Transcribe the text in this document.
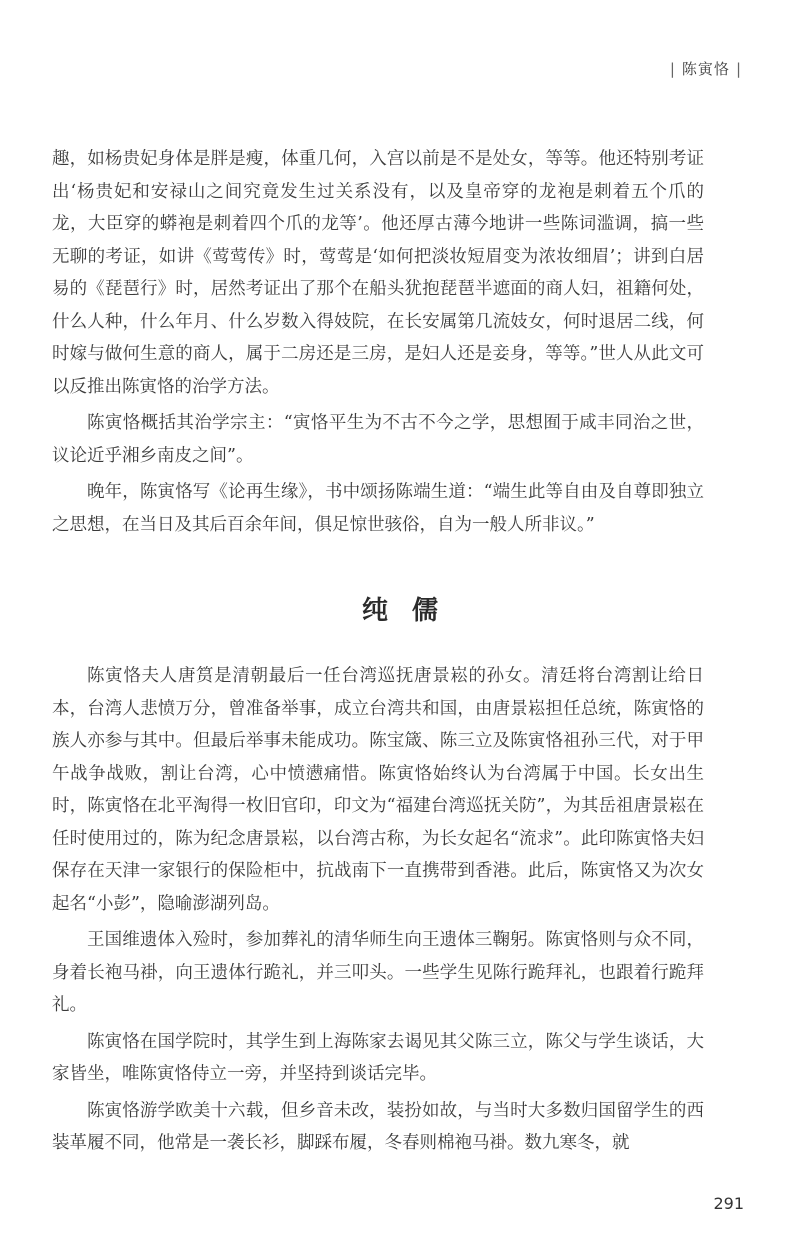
| 陈寅恪 |

趣，如杨贵妃身体是胖是瘦，体重几何，入宫以前是不是处女，等等。他还特别考证出‘杨贵妃和安禄山之间究竟发生过关系没有，以及皇帝穿的龙袍是刺着五个爪的龙，大臣穿的蟒袍是刺着四个爪的龙等’。他还厚古薄今地讲一些陈词滥调，搞一些无聊的考证，如讲《莺莺传》时，莺莺是‘如何把淡妆短眉变为浓妆细眉’；讲到白居易的《琵琶行》时，居然考证出了那个在船头犹抱琵琶半遮面的商人妇，祖籍何处，什么人种，什么年月、什么岁数入得妓院，在长安属第几流妓女，何时退居二线，何时嫁与做何生意的商人，属于二房还是三房，是妇人还是妾身，等等。”世人从此文可以反推出陈寅恪的治学方法。

陈寅恪概括其治学宗主：“寅恪平生为不古不今之学，思想囿于咸丰同治之世，议论近乎湘乡南皮之间”。

晚年，陈寅恪写《论再生缘》，书中颂扬陈端生道：“端生此等自由及自尊即独立之思想，在当日及其后百余年间，俱足惊世骇俗，自为一般人所非议。”

纯儒

陈寅恪夫人唐筼是清朝最后一任台湾巡抚唐景崧的孙女。清廷将台湾割让给日本，台湾人悲愤万分，曾准备举事，成立台湾共和国，由唐景崧担任总统，陈寅恪的族人亦参与其中。但最后举事未能成功。陈宝箴、陈三立及陈寅恪祖孙三代，对于甲午战争战败，割让台湾，心中愤懑痛惜。陈寅恪始终认为台湾属于中国。长女出生时，陈寅恪在北平淘得一枚旧官印，印文为“福建台湾巡抚关防”，为其岳祖唐景崧在任时使用过的，陈为纪念唐景崧，以台湾古称，为长女起名“流求”。此印陈寅恪夫妇保存在天津一家银行的保险柜中，抗战南下一直携带到香港。此后，陈寅恪又为次女起名“小彭”，隐喻澎湖列岛。

王国维遗体入殓时，参加葬礼的清华师生向王遗体三鞠躬。陈寅恪则与众不同，身着长袍马褂，向王遗体行跪礼，并三叩头。一些学生见陈行跪拜礼，也跟着行跪拜礼。

陈寅恪在国学院时，其学生到上海陈家去谒见其父陈三立，陈父与学生谈话，大家皆坐，唯陈寅恪侍立一旁，并坚持到谈话完毕。

陈寅恪游学欧美十六载，但乡音未改，装扮如故，与当时大多数归国留学生的西装革履不同，他常是一袭长衫，脚踩布履，冬春则棉袍马褂。数九寒冬，就

291
